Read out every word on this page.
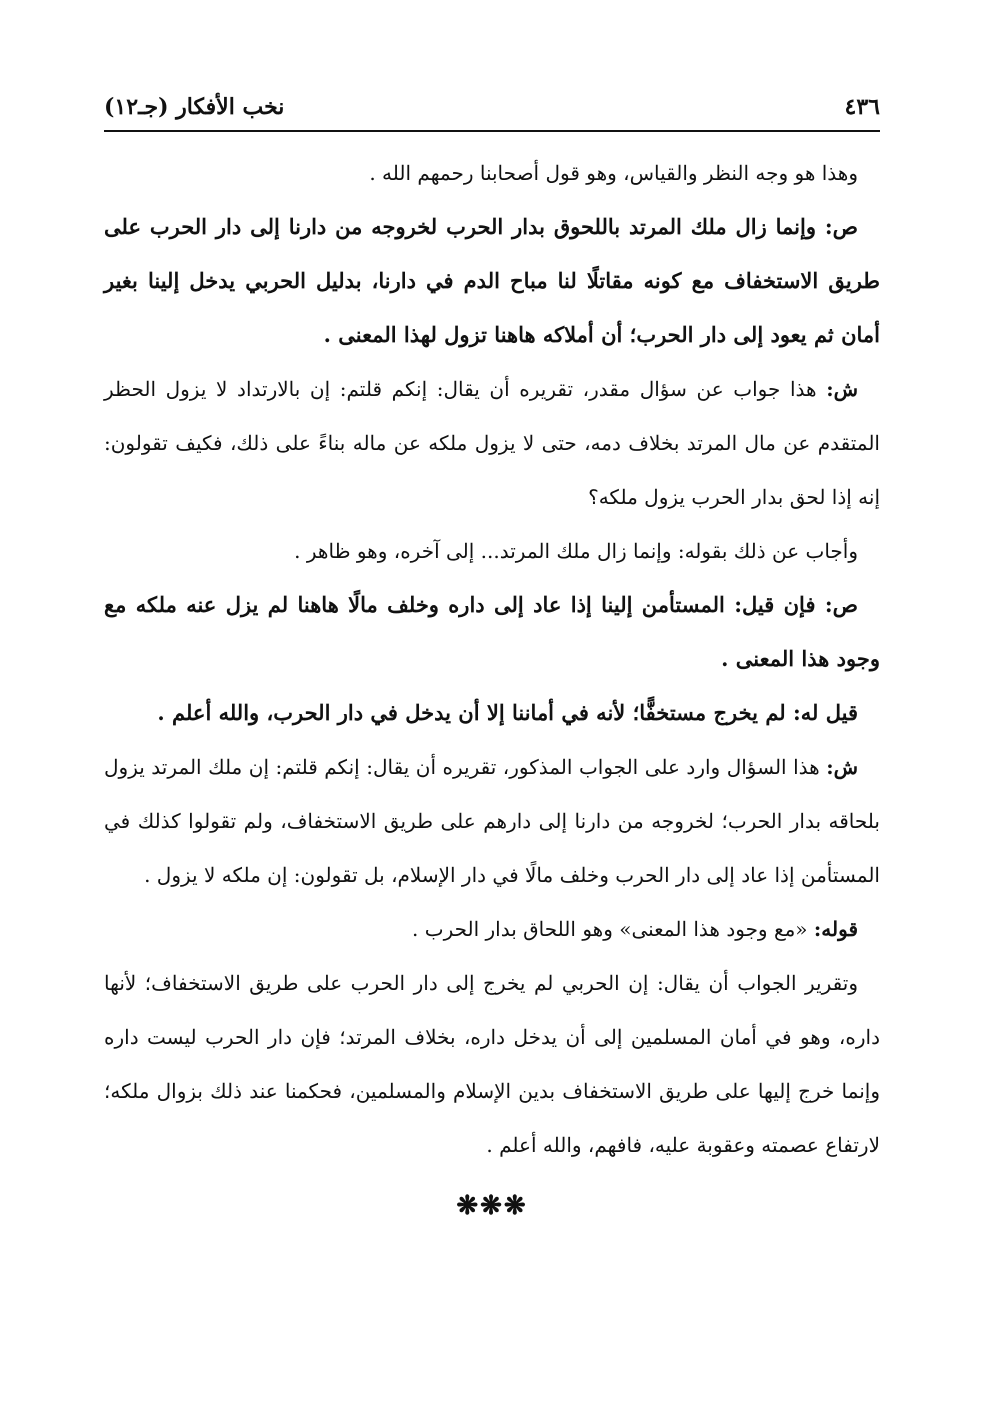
٤٣٦
نخب الأفكار (جـ١٢)

وهذا هو وجه النظر والقياس، وهو قول أصحابنا رحمهم الله .

ص: وإنما زال ملك المرتد باللحوق بدار الحرب لخروجه من دارنا إلى دار الحرب على طريق الاستخفاف مع كونه مقاتلًا لنا مباح الدم في دارنا، بدليل الحربي يدخل إلينا بغير أمان ثم يعود إلى دار الحرب؛ أن أملاكه هاهنا تزول لهذا المعنى .

ش: هذا جواب عن سؤال مقدر، تقريره أن يقال: إنكم قلتم: إن بالارتداد لا يزول الحظر المتقدم عن مال المرتد بخلاف دمه، حتى لا يزول ملكه عن ماله بناءً على ذلك، فكيف تقولون: إنه إذا لحق بدار الحرب يزول ملكه؟

وأجاب عن ذلك بقوله: وإنما زال ملك المرتد... إلى آخره، وهو ظاهر .

ص: فإن قيل: المستأمن إلينا إذا عاد إلى داره وخلف مالًا هاهنا لم يزل عنه ملكه مع وجود هذا المعنى .

قيل له: لم يخرج مستخفًّا؛ لأنه في أماننا إلا أن يدخل في دار الحرب، والله أعلم .

ش: هذا السؤال وارد على الجواب المذكور، تقريره أن يقال: إنكم قلتم: إن ملك المرتد يزول بلحاقه بدار الحرب؛ لخروجه من دارنا إلى دارهم على طريق الاستخفاف، ولم تقولوا كذلك في المستأمن إذا عاد إلى دار الحرب وخلف مالًا في دار الإسلام، بل تقولون: إن ملكه لا يزول .

قوله: «مع وجود هذا المعنى» وهو اللحاق بدار الحرب .

وتقرير الجواب أن يقال: إن الحربي لم يخرج إلى دار الحرب على طريق الاستخفاف؛ لأنها داره، وهو في أمان المسلمين إلى أن يدخل داره، بخلاف المرتد؛ فإن دار الحرب ليست داره وإنما خرج إليها على طريق الاستخفاف بدين الإسلام والمسلمين، فحكمنا عند ذلك بزوال ملكه؛ لارتفاع عصمته وعقوبة عليه، فافهم، والله أعلم .

❋❋❋
